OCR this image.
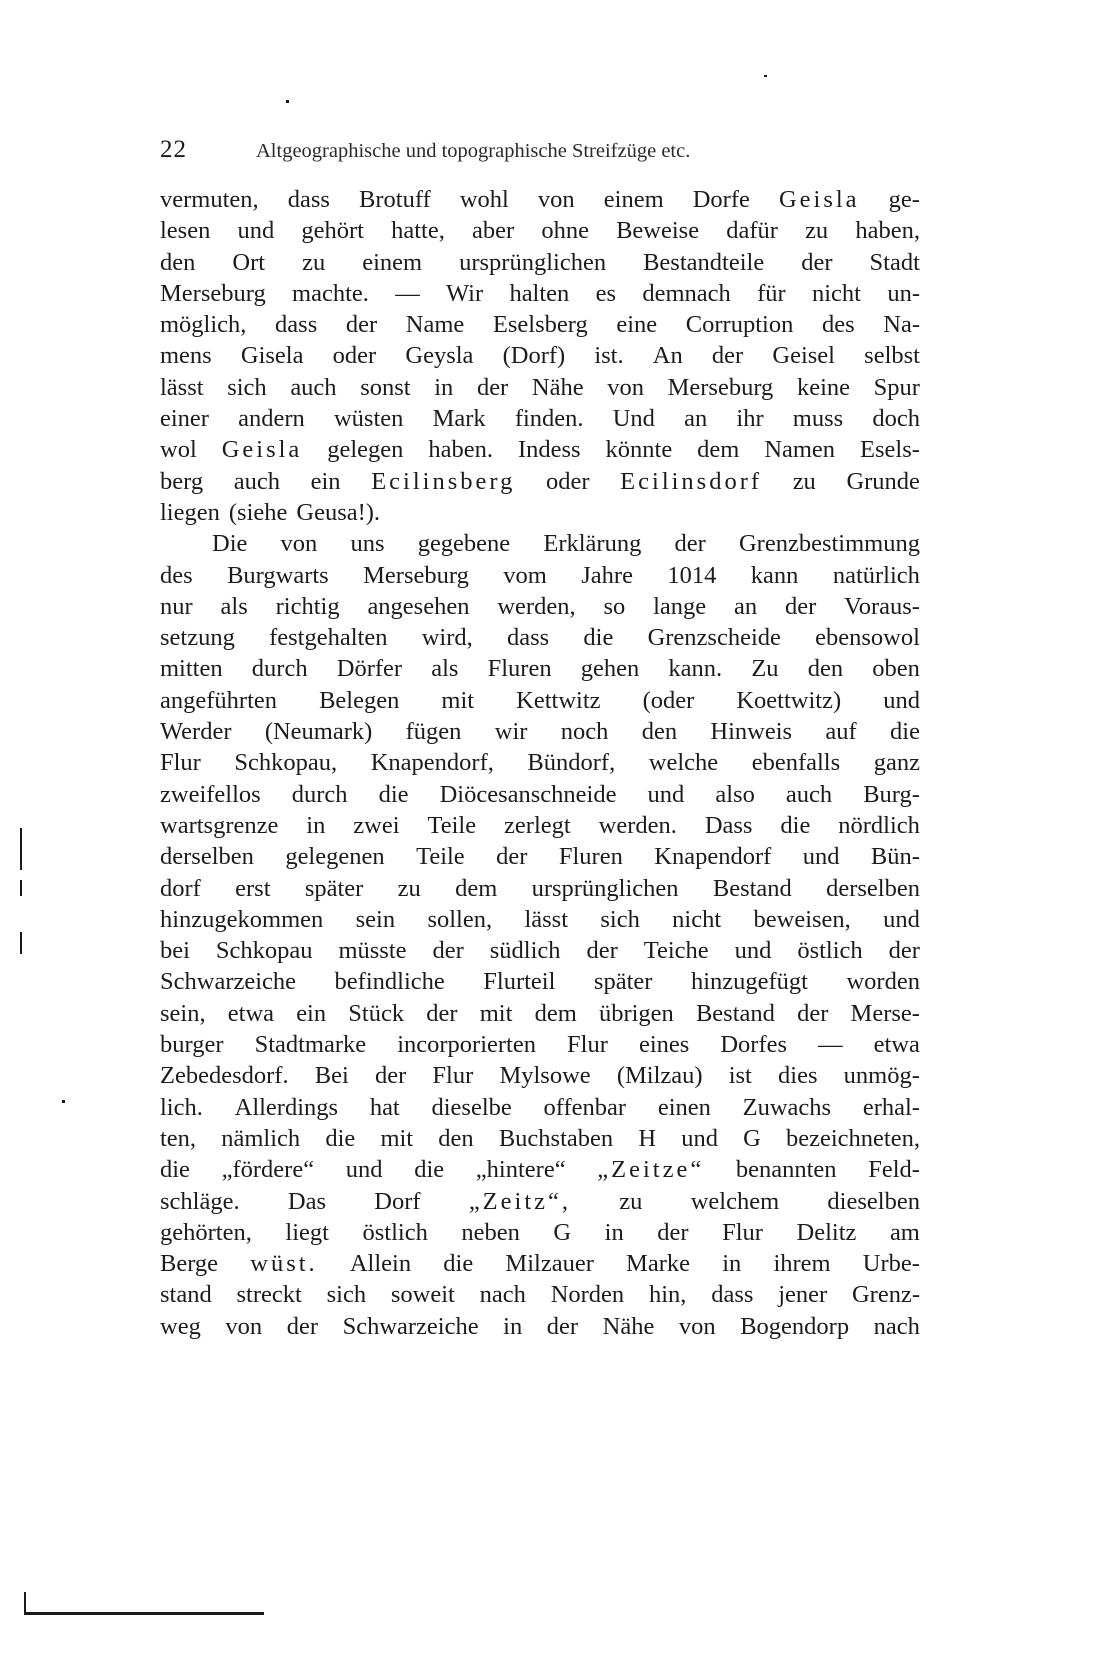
22	Altgeographische und topographische Streifzüge etc.
vermuten, dass Brotuff wohl von einem Dorfe Geisla ge-
lesen und gehört hatte, aber ohne Beweise dafür zu haben,
den Ort zu einem ursprünglichen Bestandteile der Stadt
Merseburg machte. — Wir halten es demnach für nicht un-
möglich, dass der Name Eselsberg eine Corruption des Na-
mens Gisela oder Geysla (Dorf) ist. An der Geisel selbst
lässt sich auch sonst in der Nähe von Merseburg keine Spur
einer andern wüsten Mark finden. Und an ihr muss doch
wol Geisla gelegen haben. Indess könnte dem Namen Esels-
berg auch ein Ecilinsberg oder Ecilinsdorf zu Grunde
liegen (siehe Geusa!).
Die von uns gegebene Erklärung der Grenzbestimmung
des Burgwarts Merseburg vom Jahre 1014 kann natürlich
nur als richtig angesehen werden, so lange an der Voraus-
setzung festgehalten wird, dass die Grenzscheide ebensowol
mitten durch Dörfer als Fluren gehen kann. Zu den oben
angeführten Belegen mit Kettwitz (oder Koettwitz) und
Werder (Neumark) fügen wir noch den Hinweis auf die
Flur Schkopau, Knapendorf, Bündorf, welche ebenfalls ganz
zweifellos durch die Diöcesanschneide und also auch Burg-
wartsgrenze in zwei Teile zerlegt werden. Dass die nördlich
derselben gelegenen Teile der Fluren Knapendorf und Bün-
dorf erst später zu dem ursprünglichen Bestand derselben
hinzugekommen sein sollen, lässt sich nicht beweisen, und
bei Schkopau müsste der südlich der Teiche und östlich der
Schwarzeiche befindliche Flurteil später hinzugefügt worden
sein, etwa ein Stück der mit dem übrigen Bestand der Merse-
burger Stadtmarke incorporierten Flur eines Dorfes — etwa
Zebedesdorf. Bei der Flur Mylsowe (Milzau) ist dies unmög-
lich. Allerdings hat dieselbe offenbar einen Zuwachs erhal-
ten, nämlich die mit den Buchstaben H und G bezeichneten,
die „fördere“ und die „hintere“ „Zeitze“ benannten Feld-
schläge. Das Dorf „Zeitz“, zu welchem dieselben
gehörten, liegt östlich neben G in der Flur Delitz am
Berge wüst. Allein die Milzauer Marke in ihrem Urbe-
stand streckt sich soweit nach Norden hin, dass jener Grenz-
weg von der Schwarzeiche in der Nähe von Bogendorp nach
